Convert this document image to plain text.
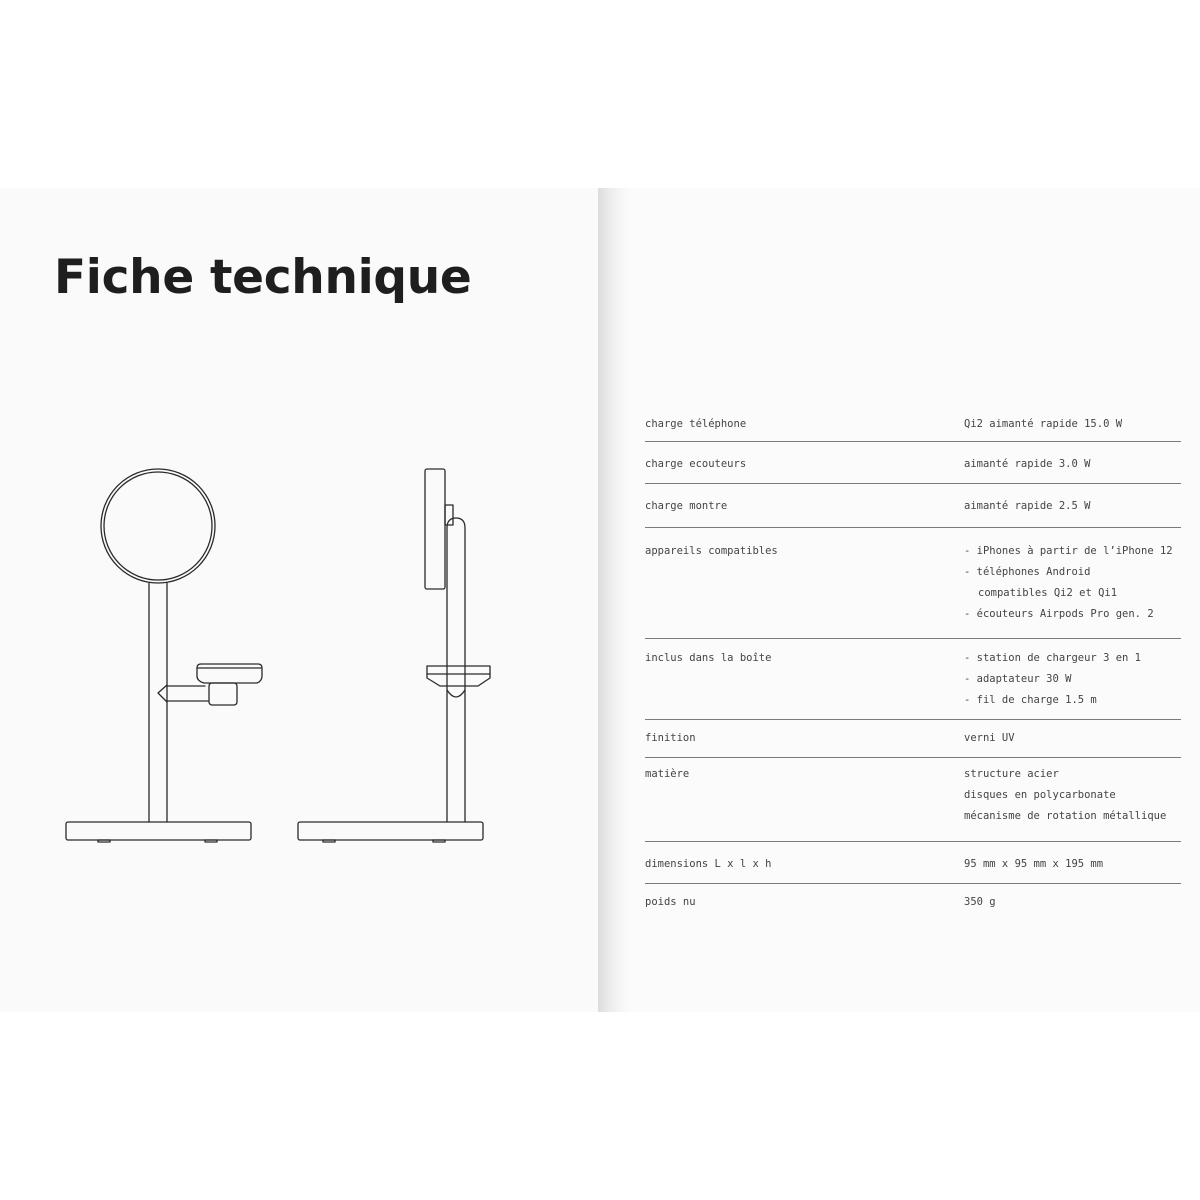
Fiche technique
charge téléphone	Qi2 aimanté rapide 15.0 W
charge ecouteurs	aimanté rapide 3.0 W
charge montre	aimanté rapide 2.5 W
appareils compatibles	- iPhones à partir de l’iPhone 12
- téléphones Android
compatibles Qi2 et Qi1
- écouteurs Airpods Pro gen. 2
inclus dans la boîte	- station de chargeur 3 en 1
- adaptateur 30 W
- fil de charge 1.5 m
finition	verni UV
matière	structure acier
disques en polycarbonate
mécanisme de rotation métallique
dimensions L x l x h	95 mm x 95 mm x 195 mm
poids nu	350 g
